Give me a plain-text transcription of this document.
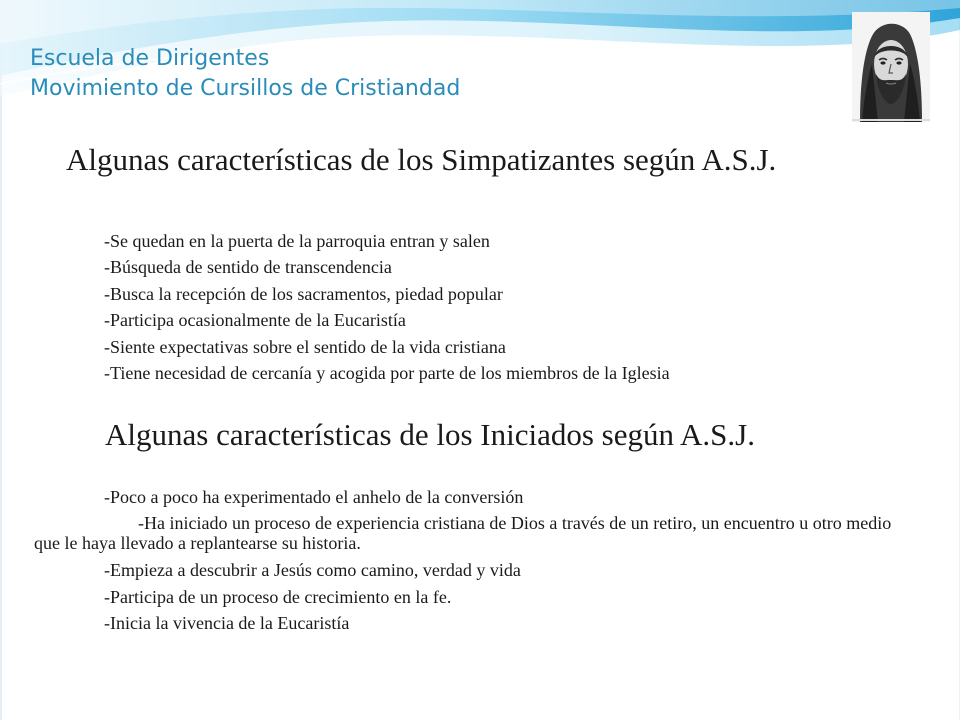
Escuela de Dirigentes
Movimiento de Cursillos de Cristiandad
Algunas características de los Simpatizantes según A.S.J.
-Se quedan en la puerta de la parroquia entran y salen
-Búsqueda de sentido de transcendencia
-Busca la recepción de los sacramentos, piedad popular
-Participa ocasionalmente de la Eucaristía
-Siente expectativas sobre el sentido de la vida cristiana
-Tiene necesidad de cercanía y acogida por parte de los miembros de la Iglesia
Algunas características de los Iniciados según A.S.J.
-Poco a poco ha experimentado el anhelo de la conversión
-Ha iniciado un proceso de experiencia cristiana de Dios a través de un retiro, un encuentro u otro medio que le haya llevado a replantearse su historia.
-Empieza a descubrir a Jesús como camino, verdad y vida
-Participa de un proceso de crecimiento en la fe.
-Inicia la vivencia de la Eucaristía
